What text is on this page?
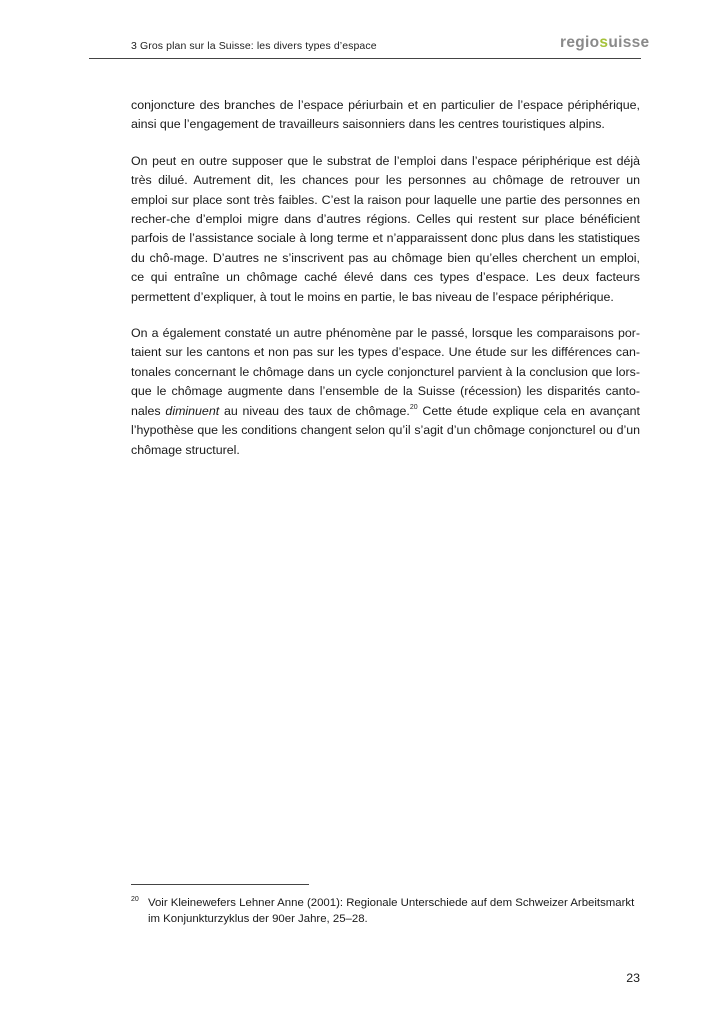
3 Gros plan sur la Suisse: les divers types d’espace	regiosuisse

conjoncture des branches de l’espace périurbain et en particulier de l’espace périphérique, ainsi que l’engagement de travailleurs saisonniers dans les centres touristiques alpins.

On peut en outre supposer que le substrat de l’emploi dans l’espace périphérique est déjà très dilué. Autrement dit, les chances pour les personnes au chômage de retrouver un emploi sur place sont très faibles. C’est la raison pour laquelle une partie des personnes en recher-che d’emploi migre dans d’autres régions. Celles qui restent sur place bénéficient parfois de l’assistance sociale à long terme et n’apparaissent donc plus dans les statistiques du chô-mage. D’autres ne s’inscrivent pas au chômage bien qu’elles cherchent un emploi, ce qui entraîne un chômage caché élevé dans ces types d’espace. Les deux facteurs permettent d’expliquer, à tout le moins en partie, le bas niveau de l’espace périphérique.

On a également constaté un autre phénomène par le passé, lorsque les comparaisons por-taient sur les cantons et non pas sur les types d’espace. Une étude sur les différences can-tonales concernant le chômage dans un cycle conjoncturel parvient à la conclusion que lors-que le chômage augmente dans l’ensemble de la Suisse (récession) les disparités canto-nales diminuent au niveau des taux de chômage.$^{20}$ Cette étude explique cela en avançant l’hypothèse que les conditions changent selon qu’il s’agit d’un chômage conjoncturel ou d’un chômage structurel.

20 Voir Kleinewefers Lehner Anne (2001): Regionale Unterschiede auf dem Schweizer Arbeitsmarkt im Konjunkturzyklus der 90er Jahre, 25–28.
23
